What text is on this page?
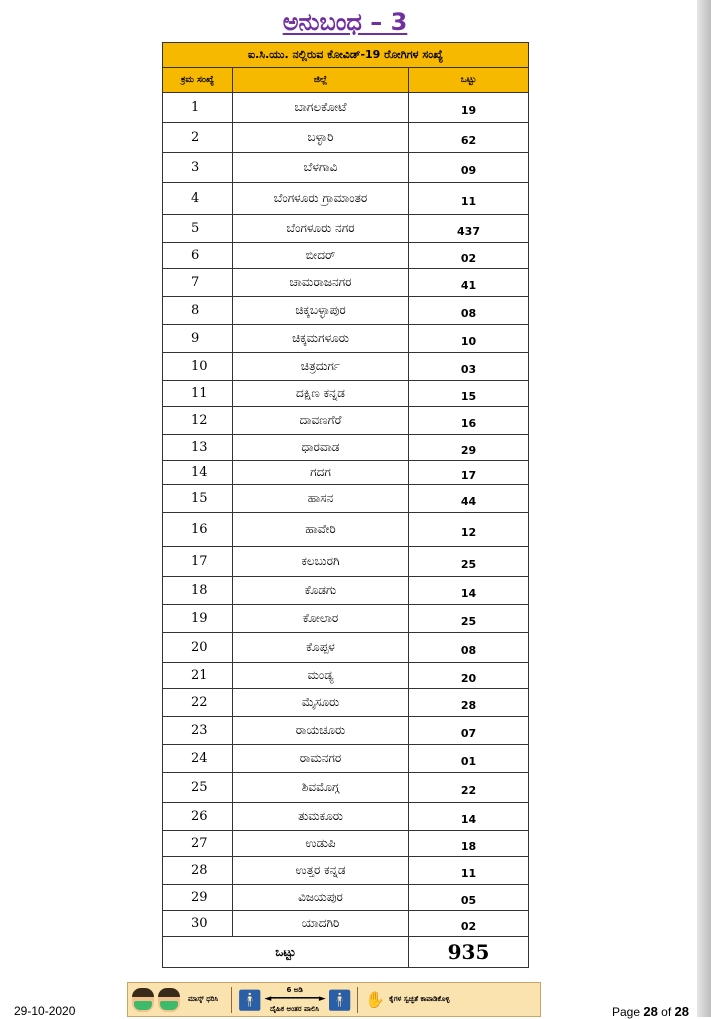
ಅನುಬಂಧ – 3
ಐ.ಸಿ.ಯು. ನಲ್ಲಿರುವ ಕೋವಿಡ್-19 ರೋಗಿಗಳ ಸಂಖ್ಯೆ		
ಕ್ರಮ ಸಂಖ್ಯೆ	ಜಿಲ್ಲೆ	ಒಟ್ಟು
1	ಬಾಗಲಕೋಟೆ	19
2	ಬಳ್ಳಾರಿ	62
3	ಬೆಳಗಾವಿ	09
4	ಬೆಂಗಳೂರು ಗ್ರಾಮಾಂತರ	11
5	ಬೆಂಗಳೂರು ನಗರ	437
6	ಬೀದರ್	02
7	ಚಾಮರಾಜನಗರ	41
8	ಚಿಕ್ಕಬಳ್ಳಾಪುರ	08
9	ಚಿಕ್ಕಮಗಳೂರು	10
10	ಚಿತ್ರದುರ್ಗ	03
11	ದಕ್ಷಿಣ ಕನ್ನಡ	15
12	ದಾವಣಗೆರೆ	16
13	ಧಾರವಾಡ	29
14	ಗದಗ	17
15	ಹಾಸನ	44
16	ಹಾವೇರಿ	12
17	ಕಲಬುರಗಿ	25
18	ಕೊಡಗು	14
19	ಕೋಲಾರ	25
20	ಕೊಪ್ಪಳ	08
21	ಮಂಡ್ಯ	20
22	ಮೈಸೂರು	28
23	ರಾಯಚೂರು	07
24	ರಾಮನಗರ	01
25	ಶಿವಮೊಗ್ಗ	22
26	ತುಮಕೂರು	14
27	ಉಡುಪಿ	18
28	ಉತ್ತರ ಕನ್ನಡ	11
29	ವಿಜಯಪುರ	05
30	ಯಾದಗಿರಿ	02
ಒಟ್ಟು		935
29-10-2020
ಮಾಸ್ಕ್ ಧರಿಸಿ 🚹︎	6 ಅಡಿ
◄━━━━━━━━━━━►
ದೈಹಿಕ ಅಂತರ ಪಾಲಿಸಿ 🚹︎ ✋ ಕೈಗಳ ಸ್ವಚ್ಛತೆ ಕಾಪಾಡಿಕೊಳ್ಳಿ
Page 28 of 28
